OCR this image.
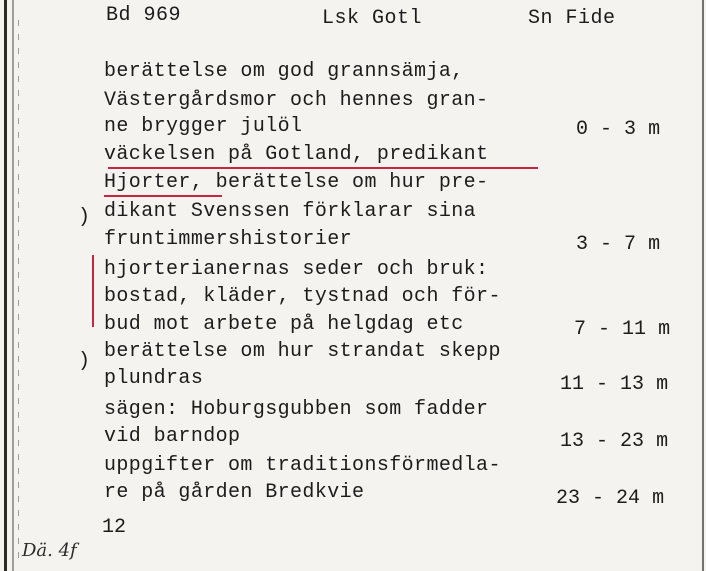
Bd 969	Lsk Gotl	Sn Fide
berättelse om god grannsämja,
Västergårdsmor och hennes gran-
ne brygger julöl
väckelsen på Gotland, predikant
Hjorter, berättelse om hur pre-
dikant Svenssen förklarar sina
fruntimmershistorier
hjorterianernas seder och bruk:
bostad, kläder, tystnad och för-
bud mot arbete på helgdag etc
berättelse om hur strandat skepp
plundras
sägen: Hoburgsgubben som fadder
vid barndop
uppgifter om traditionsförmedla-
re på gården Bredkvie
0 - 3 m
3 - 7 m
7 - 11 m
11 - 13 m
13 - 23 m
23 - 24 m
)
)
12
Dä. 4f
